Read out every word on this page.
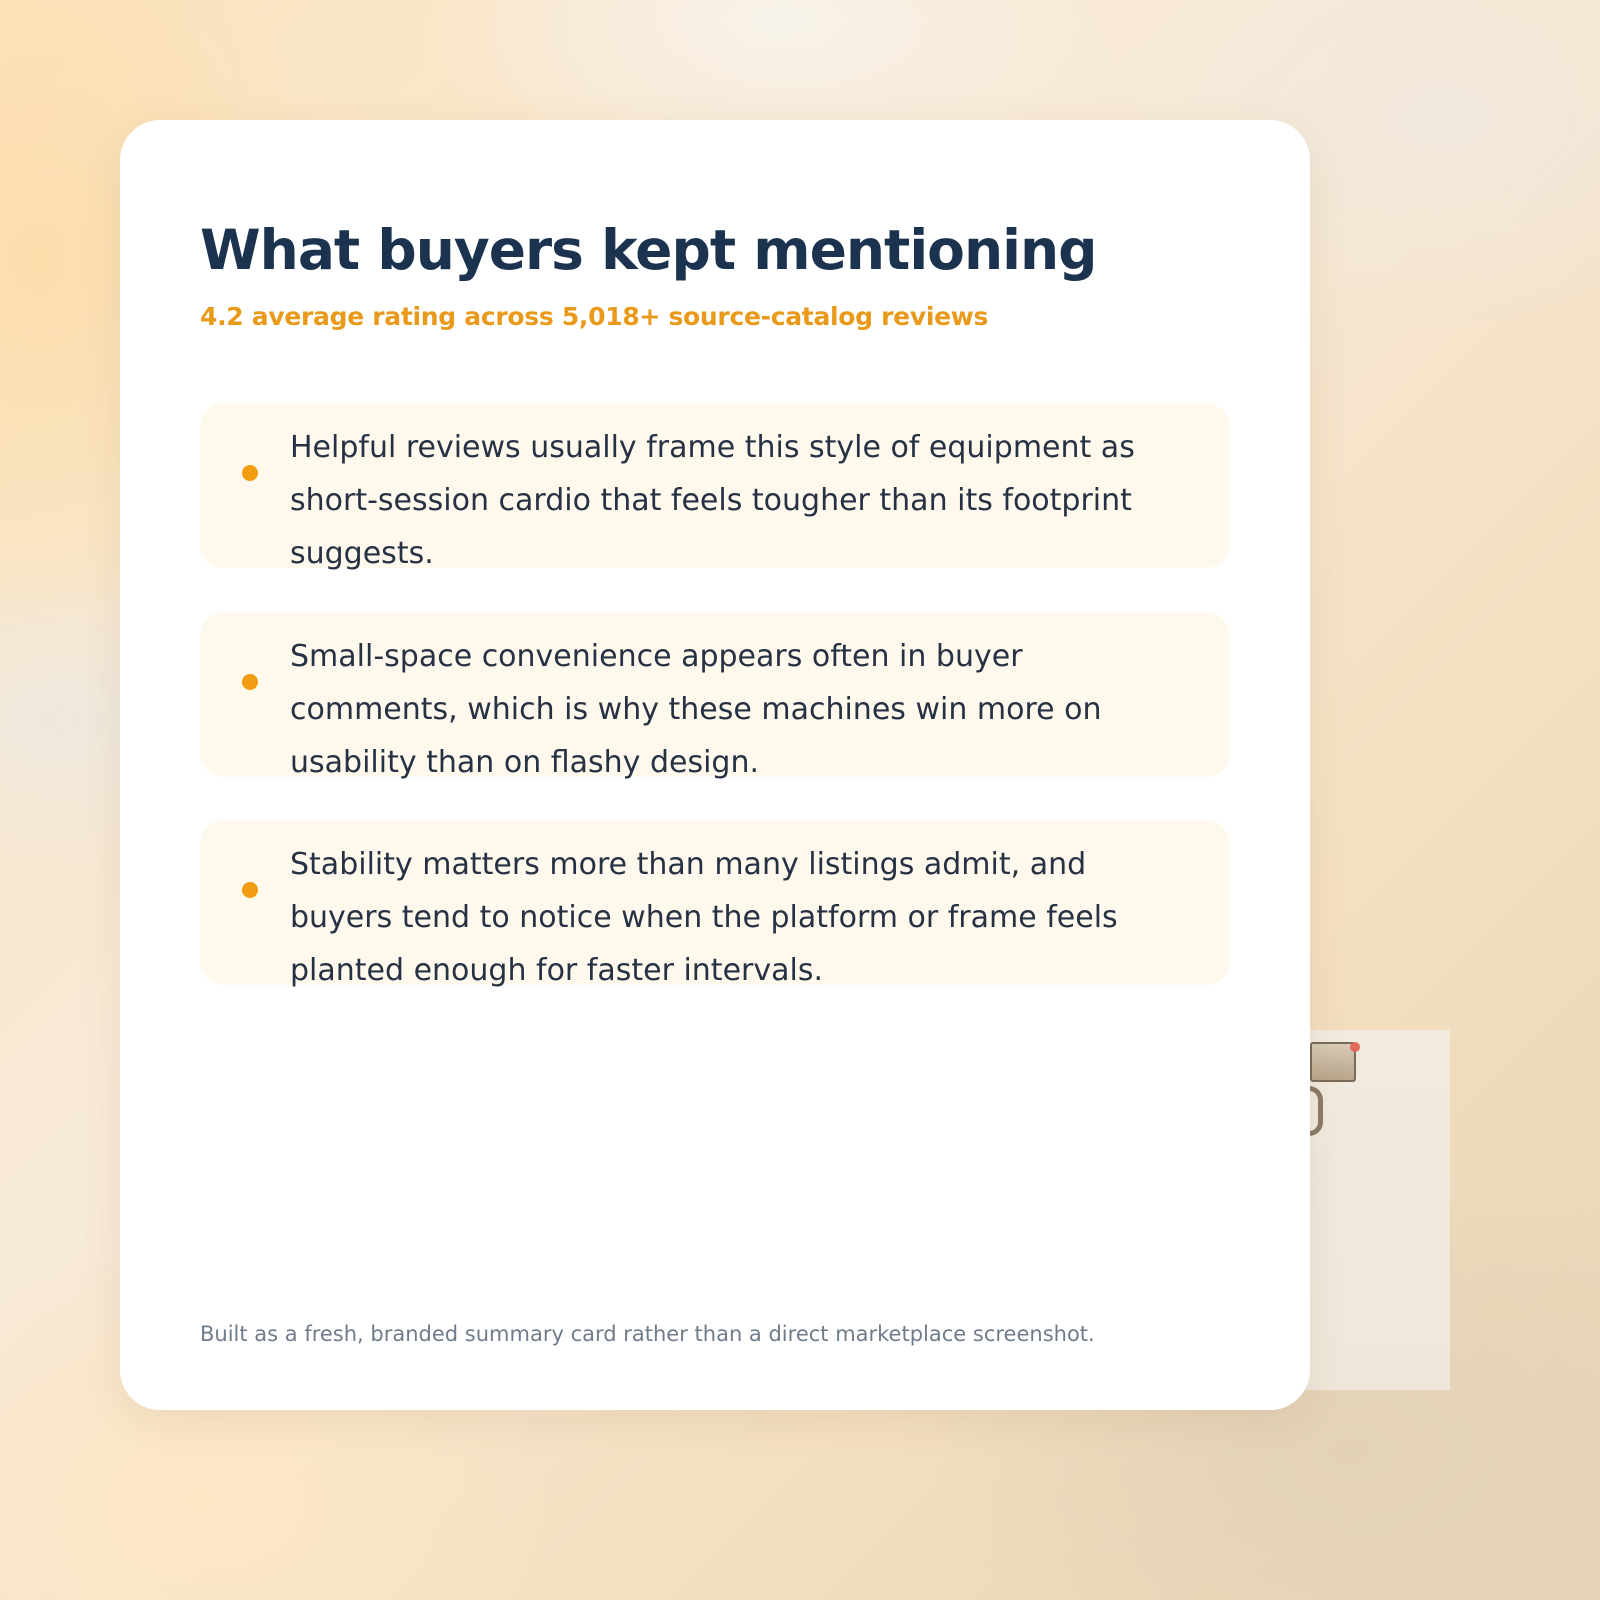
What buyers kept mentioning

4.2 average rating across 5,018+ source-catalog reviews

Helpful reviews usually frame this style of equipment as short-session cardio that feels tougher than its footprint suggests.
Small-space convenience appears often in buyer comments, which is why these machines win more on usability than on flashy design.
Stability matters more than many listings admit, and buyers tend to notice when the platform or frame feels planted enough for faster intervals.

Built as a fresh, branded summary card rather than a direct marketplace screenshot.
